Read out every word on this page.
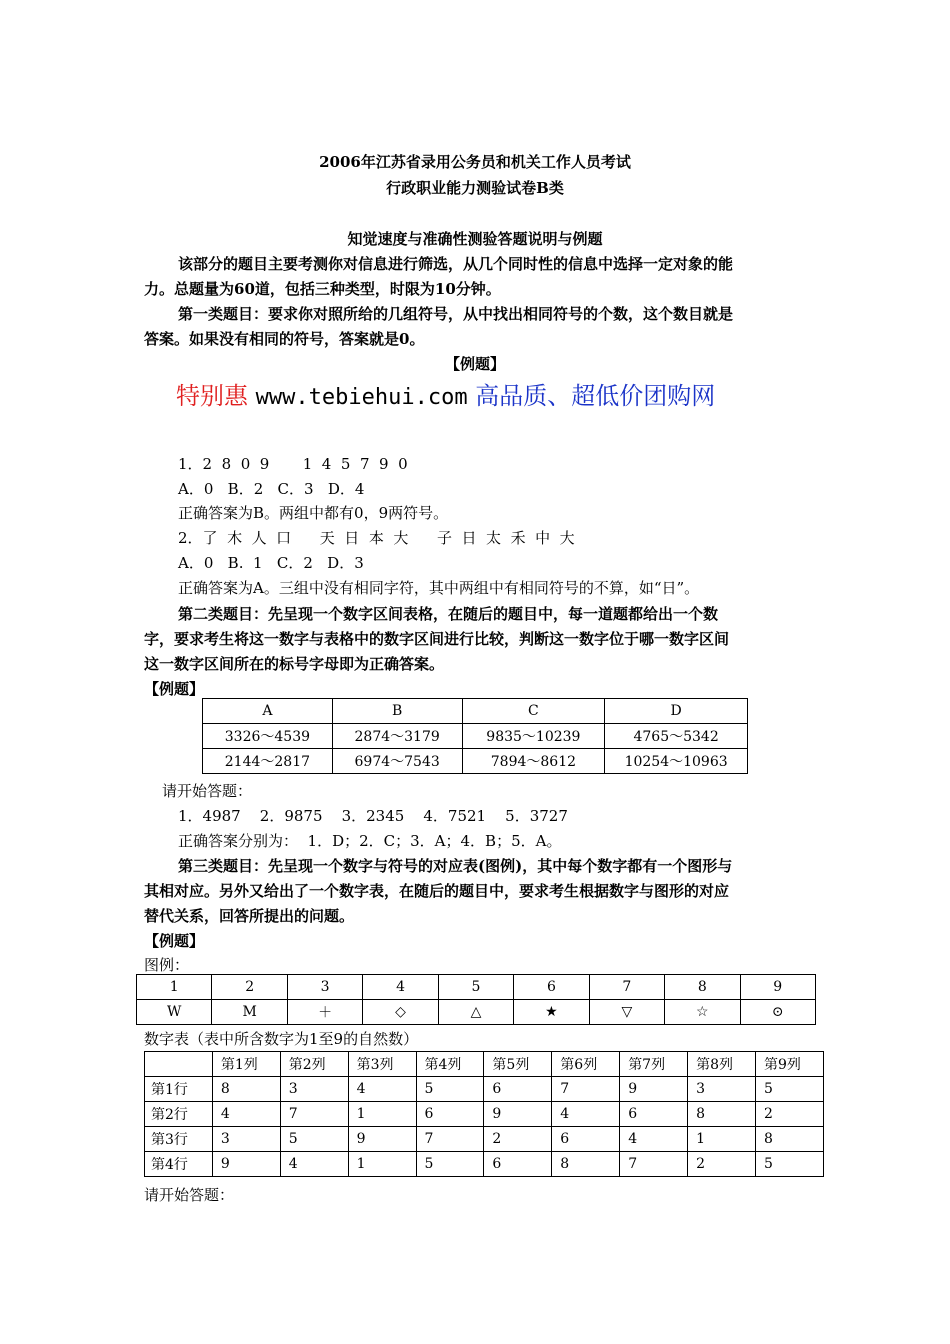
2006年江苏省录用公务员和机关工作人员考试
行政职业能力测验试卷B类
知觉速度与准确性测验答题说明与例题
该部分的题目主要考测你对信息进行筛选，从几个同时性的信息中选择一定对象的能
力。总题量为60道，包括三种类型，时限为10分钟。
第一类题目：要求你对照所给的几组符号，从中找出相同符号的个数，这个数目就是
答案。如果没有相同的符号，答案就是0。
【例题】
特别惠 www.tebiehui.com 高品质、超低价团购网
1．2  8  0  9       1  4  5  7  9  0
A．0   B．2   C．3   D．4
正确答案为B。两组中都有0，9两符号。
2．了  木  人  口      天  日  本  大      子  日  太  禾  中  大
A．0   B.  1   C．2   D．3
正确答案为A。三组中没有相同字符，其中两组中有相同符号的不算，如“日”。
第二类题目：先呈现一个数字区间表格，在随后的题目中，每一道题都给出一个数
字，要求考生将这一数字与表格中的数字区间进行比较，判断这一数字位于哪一数字区间
这一数字区间所在的标号字母即为正确答案。
【例题】
A	B	C	D
3326～4539	2874～3179	9835～10239	4765～5342
2144～2817	6974～7543	7894～8612	10254～10963
请开始答题：
1．4987    2．9875    3．2345    4．7521    5．3727
正确答案分别为：  1．D；2．C；3．A；4．B；5．A。
第三类题目：先呈现一个数字与符号的对应表(图例)，其中每个数字都有一个图形与
其相对应。另外又给出了一个数字表，在随后的题目中，要求考生根据数字与图形的对应
替代关系，回答所提出的问题。
【例题】
图例：
1	2	3	4	5	6	7	8	9
W	M	＋	◇	△	★	▽	☆	⊙
数字表（表中所含数字为1至9的自然数）
	第1列	第2列	第3列	第4列	第5列	第6列	第7列	第8列	第9列
第1行	8	3	4	5	6	7	9	3	5
第2行	4	7	1	6	9	4	6	8	2
第3行	3	5	9	7	2	6	4	1	8
第4行	9	4	1	5	6	8	7	2	5
请开始答题：
